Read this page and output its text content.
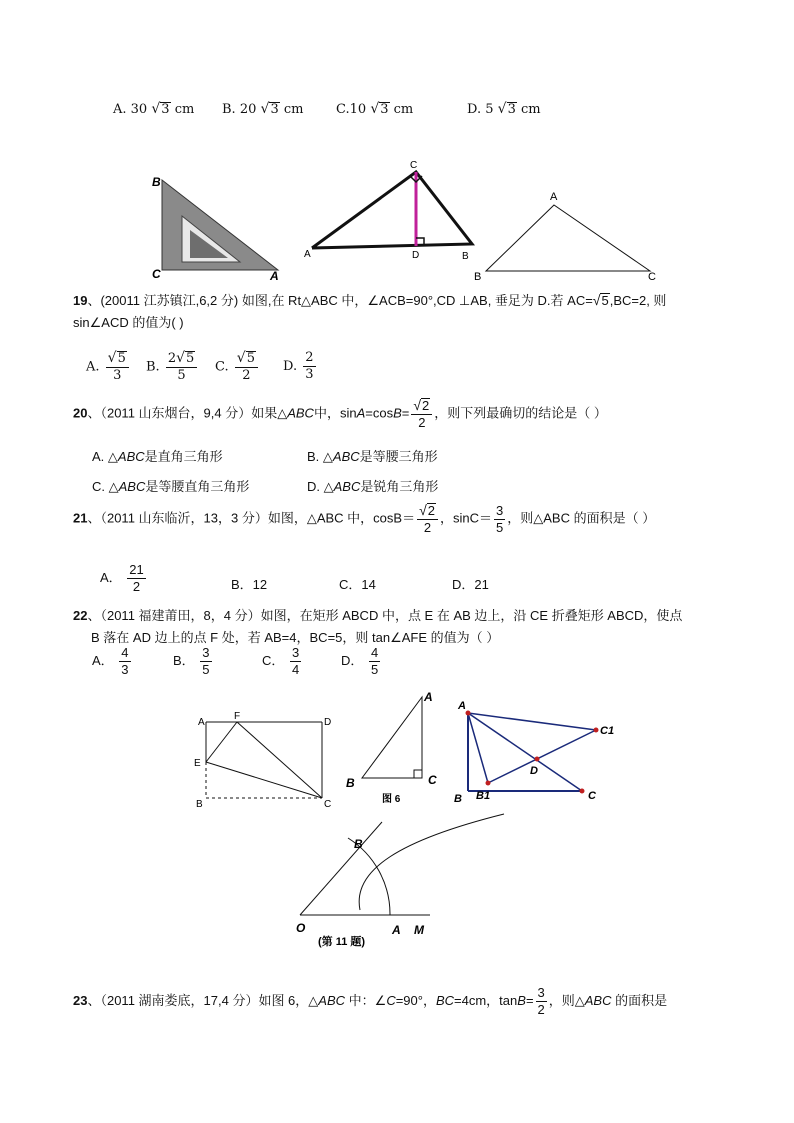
A. 30 √3 cm B. 20 √3 cm	C.10 √3 cm	D. 5 √3 cm
B
C	A
C
A	D	B
A
B	C
19、(20011 江苏镇江,6,2 分) 如图,在 Rt△ABC 中，∠ACB=90°,CD ⊥AB, 垂足为 D.若 AC=√5,BC=2, 则
sin∠ACD 的值为( )
A. $\frac{√5}{3} B$. $\frac{2√5}{5} C$. $\frac{√5}{2} D$. $\frac{2}{3}$
20、（2011 山东烟台，9,4 分）如果△ABC中，$\sin A=\cos B= \frac{√2}{2}$ ，则下列最确切的结论是（ ）
A. △ABC是直角三角形	B. △ABC是等腰三角形
C. △ABC是等腰直角三角形	D. △ABC是锐角三角形
21、（2011 山东临沂，13，3 分）如图，△ABC 中，$\cos B= \frac{√2}{2}$ ，$\sin C= \frac{3}{5}$ ，则△ABC 的面积是（ ）
A． $\frac{21}{2}$	B．12	C．14	D．21
22、（2011 福建莆田，8，4 分）如图，在矩形 ABCD 中，点 E 在 AB 边上，沿 CE 折叠矩形 ABCD，使点
B 落在 AD 边上的点 F 处，若 AB=4，BC=5，则 tan∠AFE 的值为（ ）
A． $\frac{4}{3}$	B． $\frac{3}{5}$	C． $\frac{3}{4}$	D． $\frac{4}{5}$
A
F
D
E
B	C
A
B	C
图 6
A
C1
D
B B1	C
B
O	A M
(第 11 题)
23、（2011 湖南娄底，17,4 分）如图 6，△ABC 中：∠C=90°，BC=4cm，$\tan B= \frac{3}{2}$ ，则△ABC 的面积是
